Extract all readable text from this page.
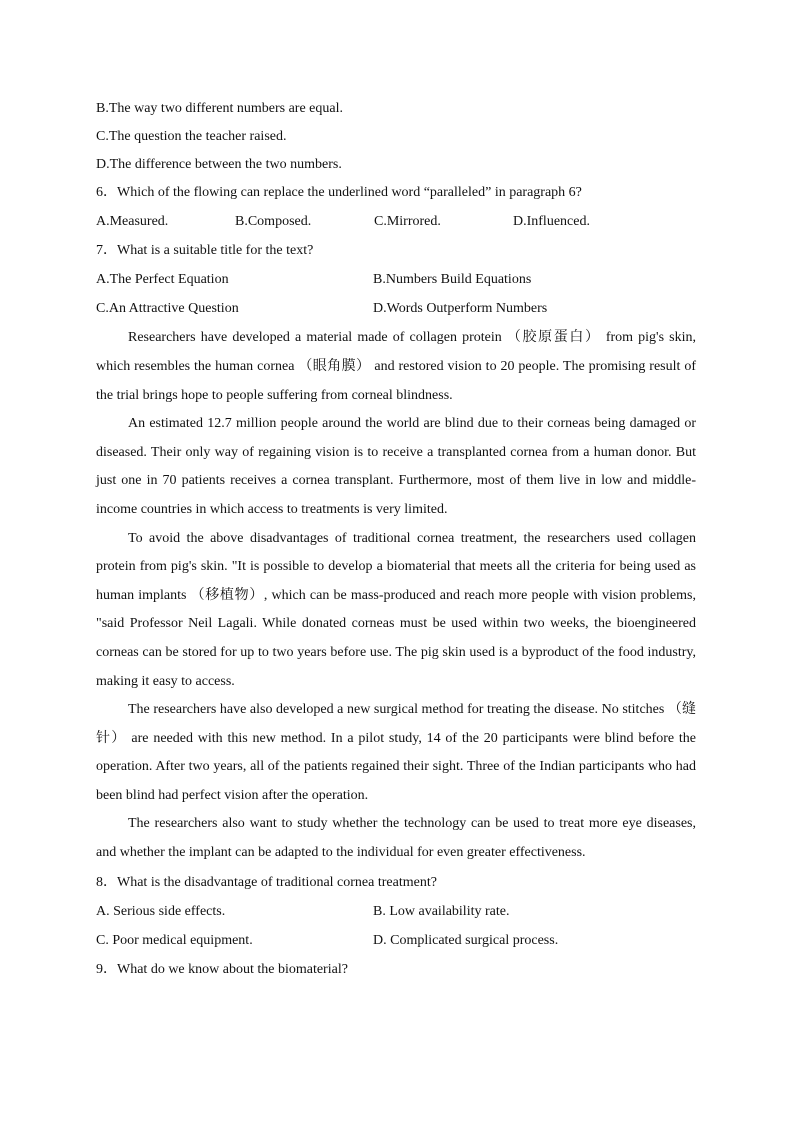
B.The way two different numbers are equal.
C.The question the teacher raised.
D.The difference between the two numbers.
6．Which of the flowing can replace the underlined word “paralleled” in paragraph 6?
A.Measured.	B.Composed.	C.Mirrored.	D.Influenced.
7．What is a suitable title for the text?
A.The Perfect Equation	B.Numbers Build Equations
C.An Attractive Question	D.Words Outperform Numbers
Researchers have developed a material made of collagen protein （胶原蛋白） from pig's skin, which resembles the human cornea （眼角膜） and restored vision to 20 people. The promising result of the trial brings hope to people suffering from corneal blindness.
An estimated 12.7 million people around the world are blind due to their corneas being damaged or diseased. Their only way of regaining vision is to receive a transplanted cornea from a human donor. But just one in 70 patients receives a cornea transplant. Furthermore, most of them live in low and middle-income countries in which access to treatments is very limited.
To avoid the above disadvantages of traditional cornea treatment, the researchers used collagen protein from pig's skin. "It is possible to develop a biomaterial that meets all the criteria for being used as human implants （移植物）, which can be mass-produced and reach more people with vision problems, "said Professor Neil Lagali. While donated corneas must be used within two weeks, the bioengineered corneas can be stored for up to two years before use. The pig skin used is a byproduct of the food industry, making it easy to access.
The researchers have also developed a new surgical method for treating the disease. No stitches （缝针） are needed with this new method. In a pilot study, 14 of the 20 participants were blind before the operation. After two years, all of the patients regained their sight. Three of the Indian participants who had been blind had perfect vision after the operation.
The researchers also want to study whether the technology can be used to treat more eye diseases, and whether the implant can be adapted to the individual for even greater effectiveness.
8．What is the disadvantage of traditional cornea treatment?
A. Serious side effects.	B. Low availability rate.
C. Poor medical equipment.	D. Complicated surgical process.
9．What do we know about the biomaterial?
